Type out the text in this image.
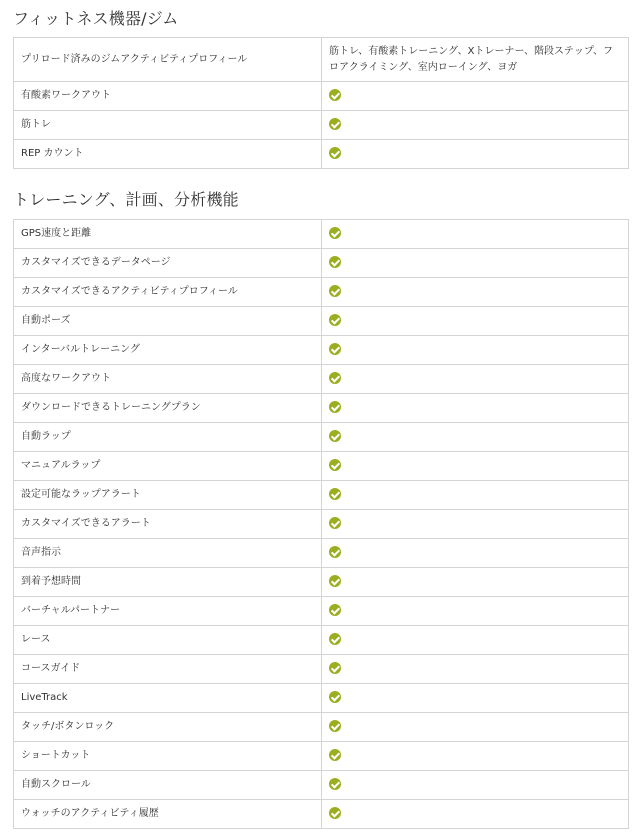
フィットネス機器/ジム
プリロード済みのジムアクティビティプロフィール	筋トレ、有酸素トレーニング、Xトレーナー、階段ステップ、フロアクライミング、室内ローイング、ヨガ
有酸素ワークアウト	
筋トレ	
REP カウント	
トレーニング、計画、分析機能
GPS速度と距離	
カスタマイズできるデータページ	
カスタマイズできるアクティビティプロフィール	
自動ポーズ	
インターバルトレーニング	
高度なワークアウト	
ダウンロードできるトレーニングプラン	
自動ラップ	
マニュアルラップ	
設定可能なラップアラート	
カスタマイズできるアラート	
音声指示	
到着予想時間	
バーチャルパートナー	
レース	
コースガイド	
LiveTrack	
タッチ/ボタンロック	
ショートカット	
自動スクロール	
ウォッチのアクティビティ履歴	
